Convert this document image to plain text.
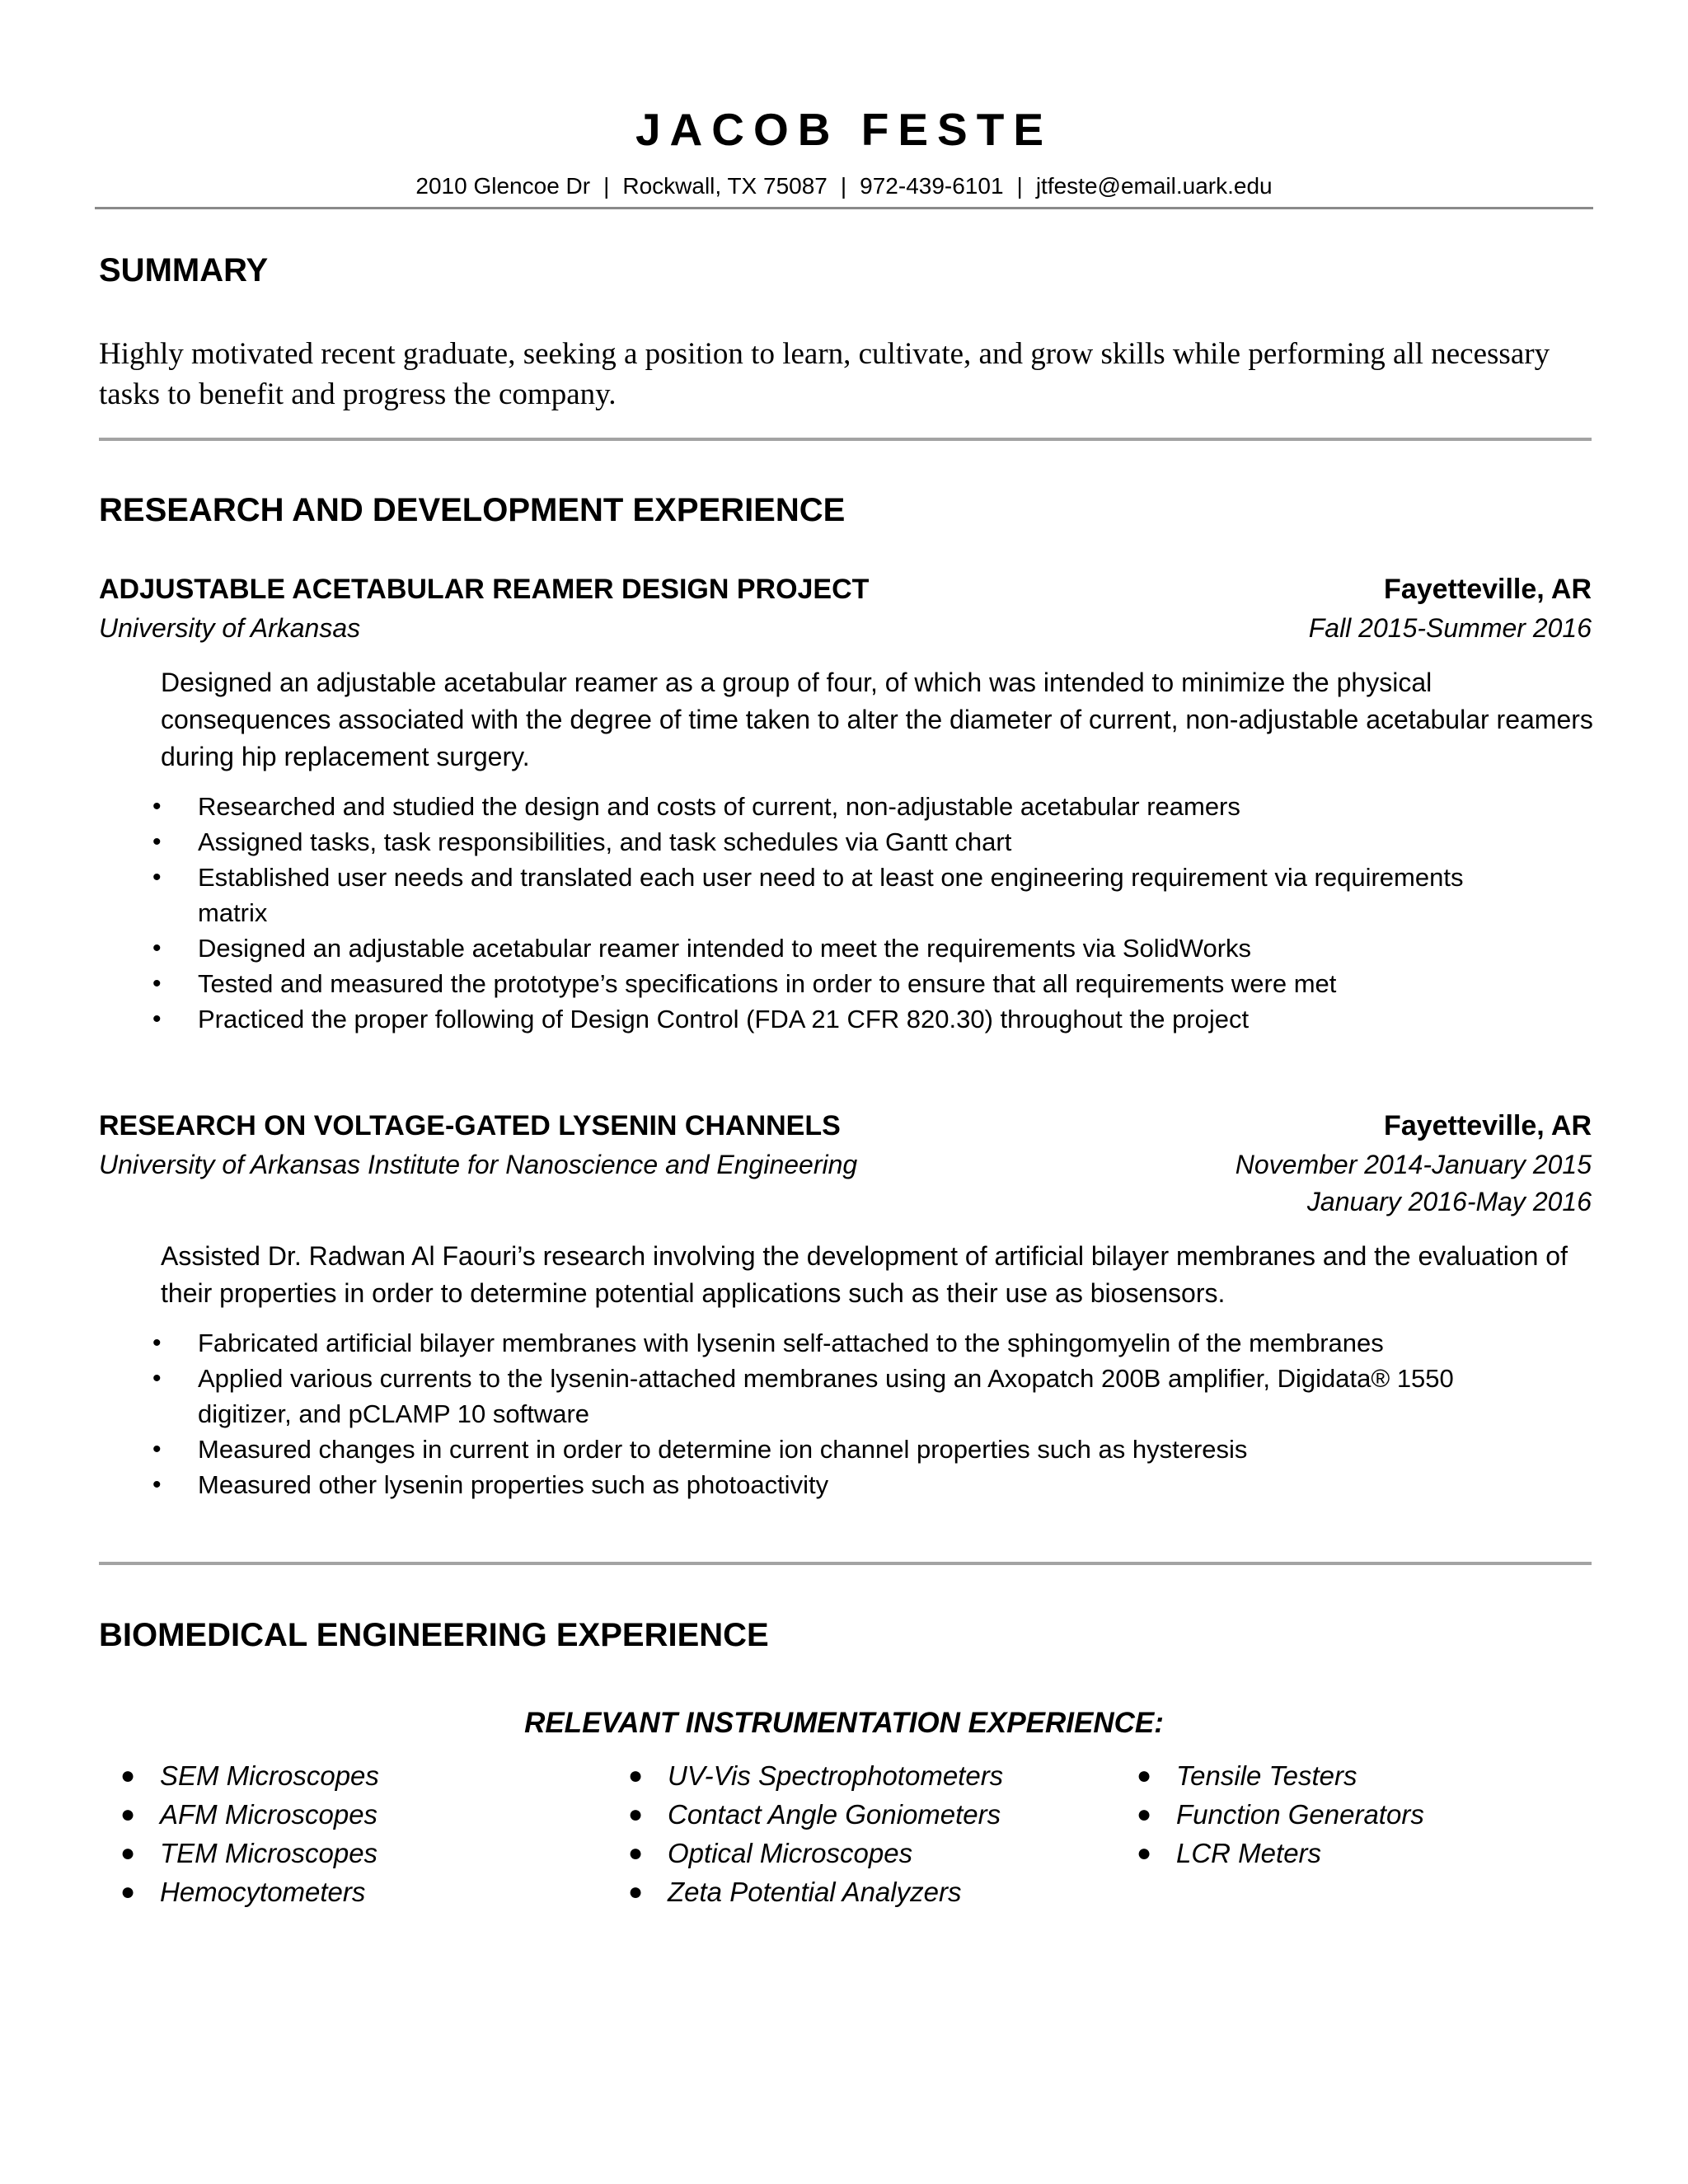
JACOB FESTE
2010 Glencoe Dr | Rockwall, TX 75087 | 972-439-6101 | jtfeste@email.uark.edu
SUMMARY
Highly motivated recent graduate, seeking a position to learn, cultivate, and grow skills while performing all necessary tasks to benefit and progress the company.
RESEARCH AND DEVELOPMENT EXPERIENCE
ADJUSTABLE ACETABULAR REAMER DESIGN PROJECT	Fayetteville, AR
University of Arkansas	Fall 2015-Summer 2016
Designed an adjustable acetabular reamer as a group of four, of which was intended to minimize the physical consequences associated with the degree of time taken to alter the diameter of current, non-adjustable acetabular reamers during hip replacement surgery.
• Researched and studied the design and costs of current, non-adjustable acetabular reamers
• Assigned tasks, task responsibilities, and task schedules via Gantt chart
• Established user needs and translated each user need to at least one engineering requirement via requirements matrix
• Designed an adjustable acetabular reamer intended to meet the requirements via SolidWorks
• Tested and measured the prototype’s specifications in order to ensure that all requirements were met
• Practiced the proper following of Design Control (FDA 21 CFR 820.30) throughout the project
RESEARCH ON VOLTAGE-GATED LYSENIN CHANNELS	Fayetteville, AR
University of Arkansas Institute for Nanoscience and Engineering	November 2014-January 2015
January 2016-May 2016
Assisted Dr. Radwan Al Faouri’s research involving the development of artificial bilayer membranes and the evaluation of their properties in order to determine potential applications such as their use as biosensors.
• Fabricated artificial bilayer membranes with lysenin self-attached to the sphingomyelin of the membranes
• Applied various currents to the lysenin-attached membranes using an Axopatch 200B amplifier, Digidata® 1550 digitizer, and pCLAMP 10 software
• Measured changes in current in order to determine ion channel properties such as hysteresis
• Measured other lysenin properties such as photoactivity
BIOMEDICAL ENGINEERING EXPERIENCE
RELEVANT INSTRUMENTATION EXPERIENCE:
● SEM Microscopes
● AFM Microscopes
● TEM Microscopes
● Hemocytometers
● UV-Vis Spectrophotometers
● Contact Angle Goniometers
● Optical Microscopes
● Zeta Potential Analyzers
● Tensile Testers
● Function Generators
● LCR Meters
